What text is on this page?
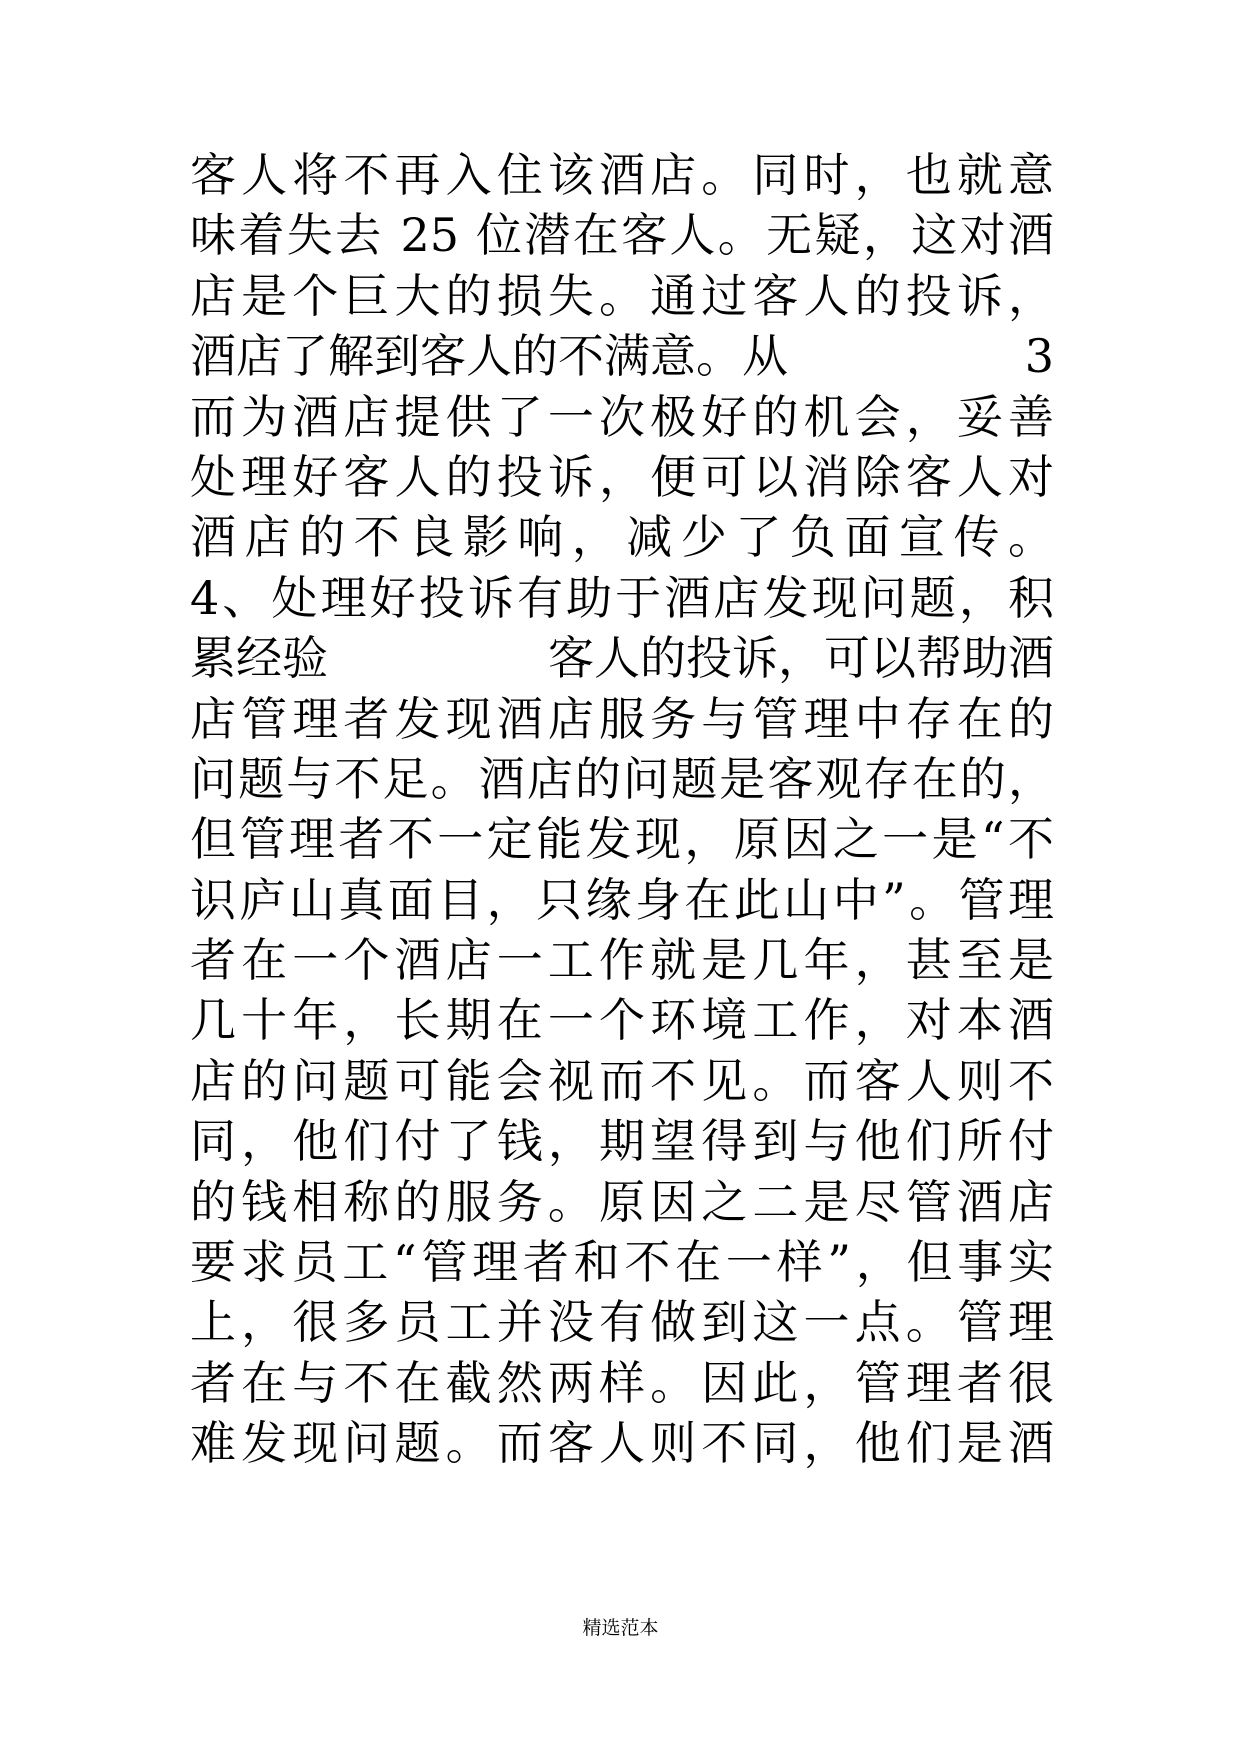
客人将不再入住该酒店。同时，也就意
味着失去 25 位潜在客人。无疑，这对酒
店是个巨大的损失。通过客人的投诉，
酒店了解到客人的不满意。从	3
而为酒店提供了一次极好的机会，妥善
处理好客人的投诉，便可以消除客人对
酒店的不良影响，减少了负面宣传。
4、处理好投诉有助于酒店发现问题，积
累经验	客人的投诉，可以帮助酒
店管理者发现酒店服务与管理中存在的
问题与不足。酒店的问题是客观存在的，
但管理者不一定能发现，原因之一是“不
识庐山真面目，只缘身在此山中”。管理
者在一个酒店一工作就是几年，甚至是
几十年，长期在一个环境工作，对本酒
店的问题可能会视而不见。而客人则不
同，他们付了钱，期望得到与他们所付
的钱相称的服务。原因之二是尽管酒店
要求员工“管理者和不在一样”，但事实
上，很多员工并没有做到这一点。管理
者在与不在截然两样。因此，管理者很
难发现问题。而客人则不同，他们是酒
精选范本
